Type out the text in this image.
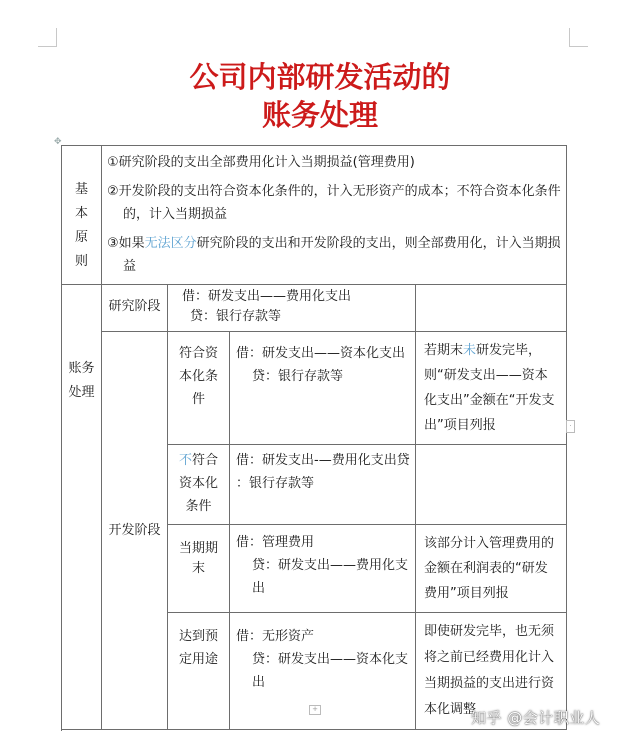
公司内部研发活动的
账务处理
✥
基本原则	①研究阶段的支出全部费用化计入当期损益(管理费用)

②开发阶段的支出符合资本化条件的，计入无形资产的成本；不符合资本化条件的，计入当期损益

③如果无法区分研究阶段的支出和开发阶段的支出，则全部费用化，计入当期损益			

账务处理	研究阶段	借：研发支出——费用化支出
贷：银行存款等		

	开发阶段	符合资本化条件	借：研发支出——资本化支出
贷：银行存款等	若期末未研发完毕，则“研发支出——资本化支出”金额在“开发支出”项目列报
		不符合资本化条件	借：研发支出-—费用化支出贷
：银行存款等	

		当期期末	借：管理费用
贷：研发支出——费用化支出	该部分计入管理费用的金额在利润表的“研发费用”项目列报
		达到预定用途	借：无形资产
贷：研发支出——资本化支出	即使研发完毕，也无须将之前已经费用化计入当期损益的支出进行资本化调整

·
+	知乎 @会计职业人
